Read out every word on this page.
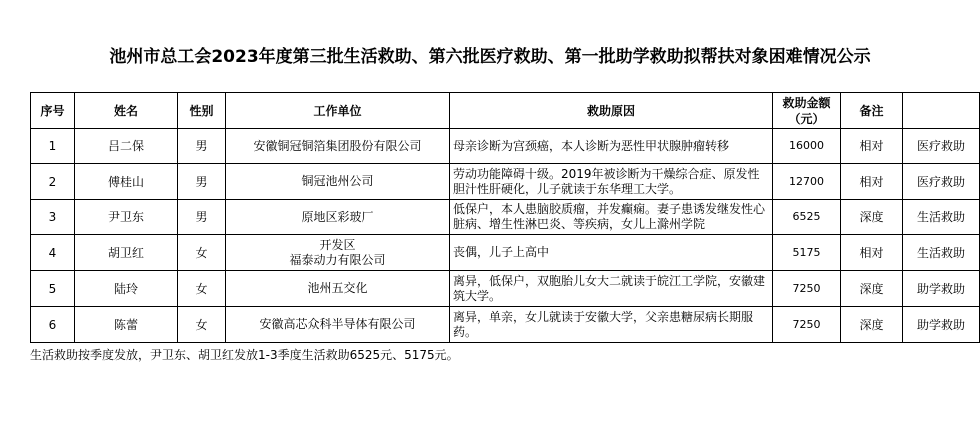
池州市总工会2023年度第三批生活救助、第六批医疗救助、第一批助学救助拟帮扶对象困难情况公示
序号	姓名	性别	工作单位	救助原因	救助金额（元）	备注	
1	吕二保	男	安徽铜冠铜箔集团股份有限公司	母亲诊断为宫颈癌，本人诊断为恶性甲状腺肿瘤转移	16000	相对	医疗救助
2	傅桂山	男	铜冠池州公司	劳动功能障碍十级。2019年被诊断为干燥综合症、原发性胆汁性肝硬化，儿子就读于东华理工大学。	12700	相对	医疗救助
3	尹卫东	男	原地区彩玻厂	低保户，本人患脑胶质瘤，并发癫痫。妻子患诱发继发性心脏病、增生性淋巴炎、等疾病，女儿上滁州学院	6525	深度	生活救助
4	胡卫红	女	开发区
福泰动力有限公司	丧偶，儿子上高中	5175	相对	生活救助
5	陆玲	女	池州五交化	离异，低保户，双胞胎儿女大二就读于皖江工学院，安徽建筑大学。	7250	深度	助学救助
6	陈蕾	女	安徽高芯众科半导体有限公司	离异，单亲，女儿就读于安徽大学，父亲患糖尿病长期服药。	7250	深度	助学救助
生活救助按季度发放，尹卫东、胡卫红发放1-3季度生活救助6525元、5175元。
